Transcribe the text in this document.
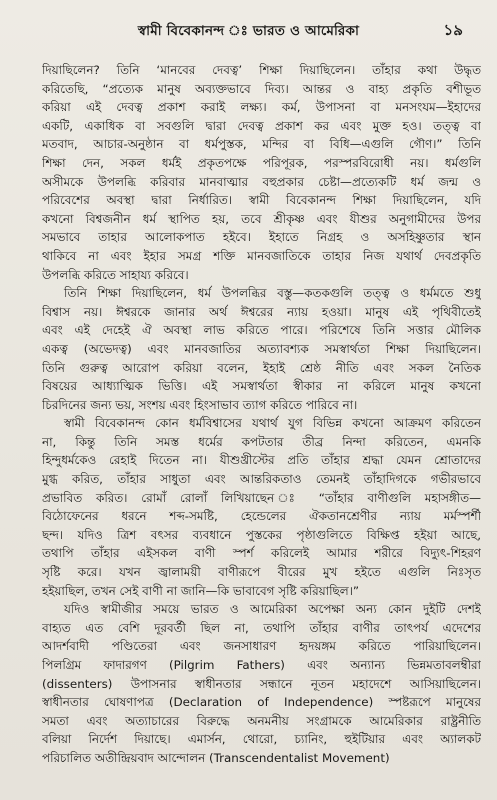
স্বামী বিবেকানন্দ ঃ ভারত ও আমেরিকা	১৯
দিয়াছিলেন? তিনি ‘মানবের দেবত্ব’ শিক্ষা দিয়াছিলেন। তাঁহার কথা উদ্ধৃত
করিতেছি, “প্রত্যেক মানুষ অব্যক্তভাবে দিব্য। আন্তর ও বাহ্য প্রকৃতি বশীভূত
করিয়া এই দেবত্ব প্রকাশ করাই লক্ষ্য। কর্ম, উপাসনা বা মনসংযম—ইহাদের
একটি, একাধিক বা সবগুলি দ্বারা দেবত্ব প্রকাশ কর এবং মুক্ত হও। তত্ত্ব বা
মতবাদ, আচার-অনুষ্ঠান বা ধর্মপুস্তক, মন্দির বা বিধি—এগুলি গৌণ।” তিনি
শিক্ষা দেন, সকল ধর্মই প্রকৃতপক্ষে পরিপূরক, পরস্পরবিরোধী নয়। ধর্মগুলি
অসীমকে উপলব্ধি করিবার মানবাত্মার বহুপ্রকার চেষ্টা—প্রত্যেকটি ধর্ম জন্ম ও
পরিবেশের অবস্থা দ্বারা নির্ধারিত। স্বামী বিবেকানন্দ শিক্ষা দিয়াছিলেন, যদি
কখনো বিশ্বজনীন ধর্ম স্থাপিত হয়, তবে শ্রীকৃষ্ণ এবং যীশুর অনুগামীদের উপর
সমভাবে তাহার আলোকপাত হইবে। ইহাতে নিগ্রহ ও অসহিষ্ণুতার স্থান
থাকিবে না এবং ইহার সমগ্র শক্তি মানবজাতিকে তাহার নিজ যথার্থ দেবপ্রকৃতি
উপলব্ধি করিতে সাহায্য করিবে।
তিনি শিক্ষা দিয়াছিলেন, ধর্ম উপলব্ধির বস্তু—কতকগুলি তত্ত্ব ও ধর্মমতে শুধু
বিশ্বাস নয়। ঈশ্বরকে জানার অর্থ ঈশ্বরের ন্যায় হওয়া। মানুষ এই পৃথিবীতেই
এবং এই দেহেই ঐ অবস্থা লাভ করিতে পারে। পরিশেষে তিনি সত্তার মৌলিক
একত্ব (অভেদত্ব) এবং মানবজাতির অত্যাবশ্যক সমস্বার্থতা শিক্ষা দিয়াছিলেন।
তিনি গুরুত্ব আরোপ করিয়া বলেন, ইহাই শ্রেষ্ঠ নীতি এবং সকল নৈতিক
বিষয়ের আধ্যাত্মিক ভিত্তি। এই সমস্বার্থতা স্বীকার না করিলে মানুষ কখনো
চিরদিনের জন্য ভয়, সংশয় এবং হিংসাভাব ত্যাগ করিতে পারিবে না।
স্বামী বিবেকানন্দ কোন ধর্মবিশ্বাসের যথার্থ যুগ বিভিন্ন কখনো আক্রমণ করিতেন
না, কিন্তু তিনি সমস্ত ধর্মের কপটতার তীব্র নিন্দা করিতেন, এমনকি
হিন্দুধর্মকেও রেহাই দিতেন না। যীশুখ্রীস্টের প্রতি তাঁহার শ্রদ্ধা যেমন শ্রোতাদের
মুগ্ধ করিত, তাঁহার সাধুতা এবং আন্তরিকতাও তেমনই তাঁহাদিগকে গভীরভাবে
প্রভাবিত করিত। রোমাঁ রোলাঁ লিখিয়াছেন ঃ “তাঁহার বাণীগুলি মহাসঙ্গীত—
বিঠোফেনের ধরনে শব্দ-সমষ্টি, হেন্ডেলের ঐকতানশ্রেণীর ন্যায় মর্মস্পর্শী
ছন্দ। যদিও ত্রিশ বৎসর ব্যবধানে পুস্তকের পৃষ্ঠাগুলিতে বিক্ষিপ্ত হইয়া আছে,
তথাপি তাঁহার এইসকল বাণী স্পর্শ করিলেই আমার শরীরে বিদ্যুৎ-শিহরণ
সৃষ্টি করে। যখন জ্বালাময়ী বাণীরূপে বীরের মুখ হইতে এগুলি নিঃসৃত
হইয়াছিল, তখন সেই বাণী না জানি—কি ভাবাবেগ সৃষ্টি করিয়াছিল।”
যদিও স্বামীজীর সময়ে ভারত ও আমেরিকা অপেক্ষা অন্য কোন দুইটি দেশই
বাহ্যত এত বেশি দূরবর্তী ছিল না, তথাপি তাঁহার বাণীর তাৎপর্য এদেশের
আদর্শবাদী পণ্ডিতেরা এবং জনসাধারণ হৃদয়ঙ্গম করিতে পারিয়াছিলেন।
পিলগ্রিম ফাদারগণ (Pilgrim Fathers) এবং অন্যান্য ভিন্নমতাবলম্বীরা
(dissenters) উপাসনার স্বাধীনতার সন্ধানে নূতন মহাদেশে আসিয়াছিলেন।
স্বাধীনতার ঘোষণাপত্র (Declaration of Independence) স্পষ্টরূপে মানুষের
সমতা এবং অত্যাচারের বিরুদ্ধে অনমনীয় সংগ্রামকে আমেরিকার রাষ্ট্রনীতি
বলিয়া নির্দেশ দিয়াছে। এমার্সন, থোরো, চ্যানিং, হুইটিয়ার এবং অ্যালকট
পরিচালিত অতীন্দ্রিয়বাদ আন্দোলন (Transcendentalist Movement)
